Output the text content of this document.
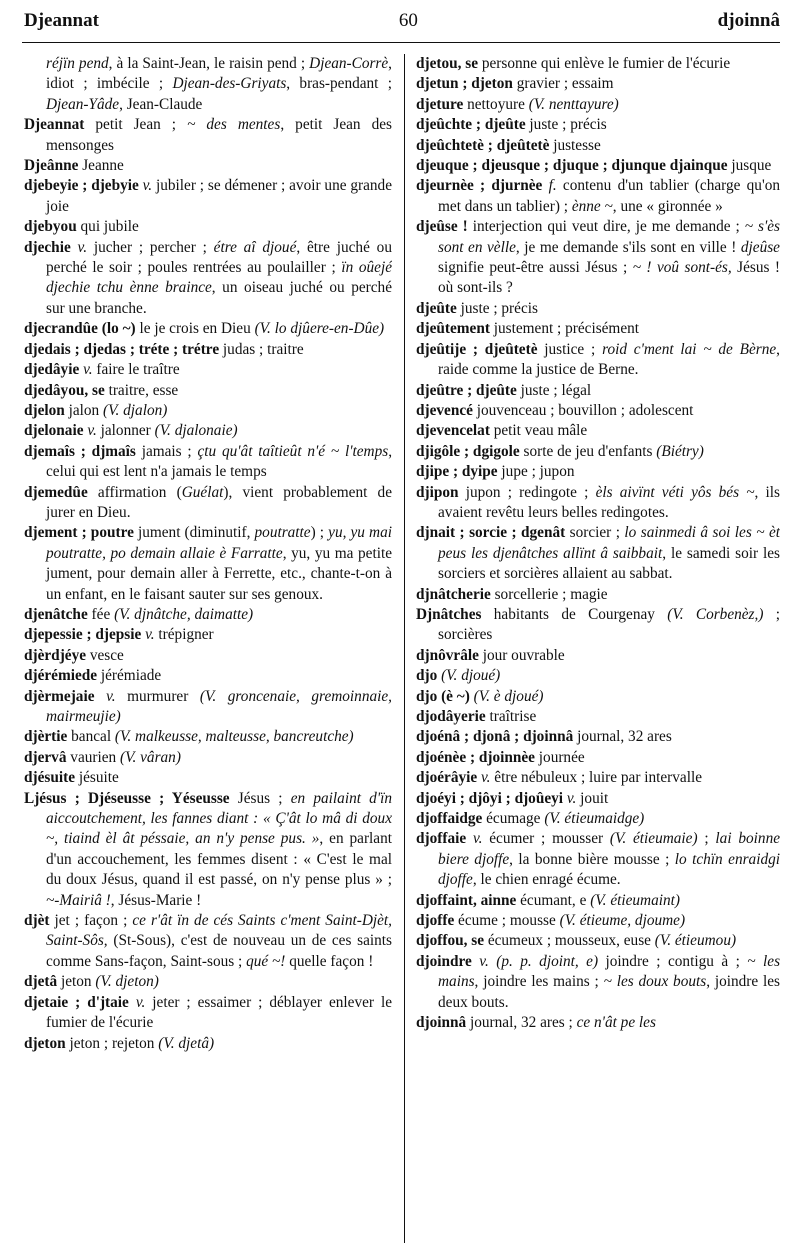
Djeannat	60	djoinnâ

réjïn pend, à la Saint-Jean, le raisin pend ; Djean-Corrè, idiot ; imbécile ; Djean-des-Griyats, bras-pendant ; Djean-Yâde, Jean-Claude

Djeannat petit Jean ; ~ des mentes, petit Jean des mensonges

Djeânne Jeanne

djebeyie ; djebyie v. jubiler ; se démener ; avoir une grande joie

djebyou qui jubile

djechie v. jucher ; percher ; étre aî djoué, être juché ou perché le soir ; poules rentrées au poulailler ; ïn oûejé djechie tchu ènne braince, un oiseau juché ou perché sur une branche.

djecrandûe (lo ~) le je crois en Dieu (V. lo djûere-en-Dûe)

djedais ; djedas ; tréte ; trétre judas ; traitre

djedâyie v. faire le traître

djedâyou, se traitre, esse

djelon jalon (V. djalon)

djelonaie v. jalonner (V. djalonaie)

djemaîs ; djmaîs jamais ; çtu qu'ât taîtieût n'é ~ l'temps, celui qui est lent n'a jamais le temps

djemedûe affirmation (Guélat), vient probablement de jurer en Dieu.

djement ; poutre jument (diminutif, poutratte) ; yu, yu mai poutratte, po demain allaie è Farratte, yu, yu ma petite jument, pour demain aller à Ferrette, etc., chante-t-on à un enfant, en le faisant sauter sur ses genoux.

djenâtche fée (V. djnâtche, daimatte)

djepessie ; djepsie v. trépigner

djèrdjéye vesce

djérémiede jérémiade

djèrmejaie v. murmurer (V. groncenaie, gremoinnaie, mairmeujie)

djèrtie bancal (V. malkeusse, malteusse, bancreutche)

djervâ vaurien (V. vâran)

djésuite jésuite

Ljésus ; Djéseusse ; Yéseusse Jésus ; en pailaint d'ïn aiccoutchement, les fannes diant : « Ç'ât lo mâ di doux ~, tiaind èl ât péssaie, an n'y pense pus. », en parlant d'un accouchement, les femmes disent : « C'est le mal du doux Jésus, quand il est passé, on n'y pense plus » ; ~-Mairiâ !, Jésus-Marie !

djèt jet ; façon ; ce r'ât ïn de cés Saints c'ment Saint-Djèt, Saint-Sôs, (St-Sous), c'est de nouveau un de ces saints comme Sans-façon, Saint-sous ; qué ~! quelle façon !

djetâ jeton (V. djeton)

djetaie ; d'jtaie v. jeter ; essaimer ; déblayer enlever le fumier de l'écurie

djeton jeton ; rejeton (V. djetâ)

djetou, se personne qui enlève le fumier de l'écurie

djetun ; djeton gravier ; essaim

djeture nettoyure (V. nenttayure)

djeûchte ; djeûte juste ; précis

djeûchtetè ; djeûtetè justesse

djeuque ; djeusque ; djuque ; djunque djainque jusque

djeurnèe ; djurnèe f. contenu d'un tablier (charge qu'on met dans un tablier) ; ènne ~, une « gironnée »

djeûse ! interjection qui veut dire, je me demande ; ~ s'ès sont en vèlle, je me demande s'ils sont en ville ! djeûse signifie peut-être aussi Jésus ; ~ ! voû sont-és, Jésus ! où sont-ils ?

djeûte juste ; précis

djeûtement justement ; précisément

djeûtije ; djeûtetè justice ; roid c'ment lai ~ de Bèrne, raide comme la justice de Berne.

djeûtre ; djeûte juste ; légal

djevencé jouvenceau ; bouvillon ; adolescent

djevencelat petit veau mâle

djigôle ; dgigole sorte de jeu d'enfants (Biétry)

djipe ; dyipe jupe ; jupon

djipon jupon ; redingote ; èls aivïnt véti yôs bés ~, ils avaient revêtu leurs belles redingotes.

djnait ; sorcie ; dgenât sorcier ; lo sainmedi â soi les ~ èt peus les djenâtches allïnt â saibbait, le samedi soir les sorciers et sorcières allaient au sabbat.

djnâtcherie sorcellerie ; magie

Djnâtches habitants de Courgenay (V. Corbenèz,) ; sorcières

djnôvrâle jour ouvrable

djo (V. djoué)

djo (è ~) (V. è djoué)

djodâyerie traîtrise

djoénâ ; djonâ ; djoinnâ journal, 32 ares

djoénèe ; djoinnèe journée

djoérâyie v. être nébuleux ; luire par intervalle

djoéyi ; djôyi ; djoûeyi v. jouit

djoffaidge écumage (V. étieumaidge)

djoffaie v. écumer ; mousser (V. étieumaie) ; lai boinne biere djoffe, la bonne bière mousse ; lo tchïn enraidgi djoffe, le chien enragé écume.

djoffaint, ainne écumant, e (V. étieumaint)

djoffe écume ; mousse (V. étieume, djoume)

djoffou, se écumeux ; mousseux, euse (V. étieumou)

djoindre v. (p. p. djoint, e) joindre ; contigu à ; ~ les mains, joindre les mains ; ~ les doux bouts, joindre les deux bouts.

djoinnâ journal, 32 ares ; ce n'ât pe les
